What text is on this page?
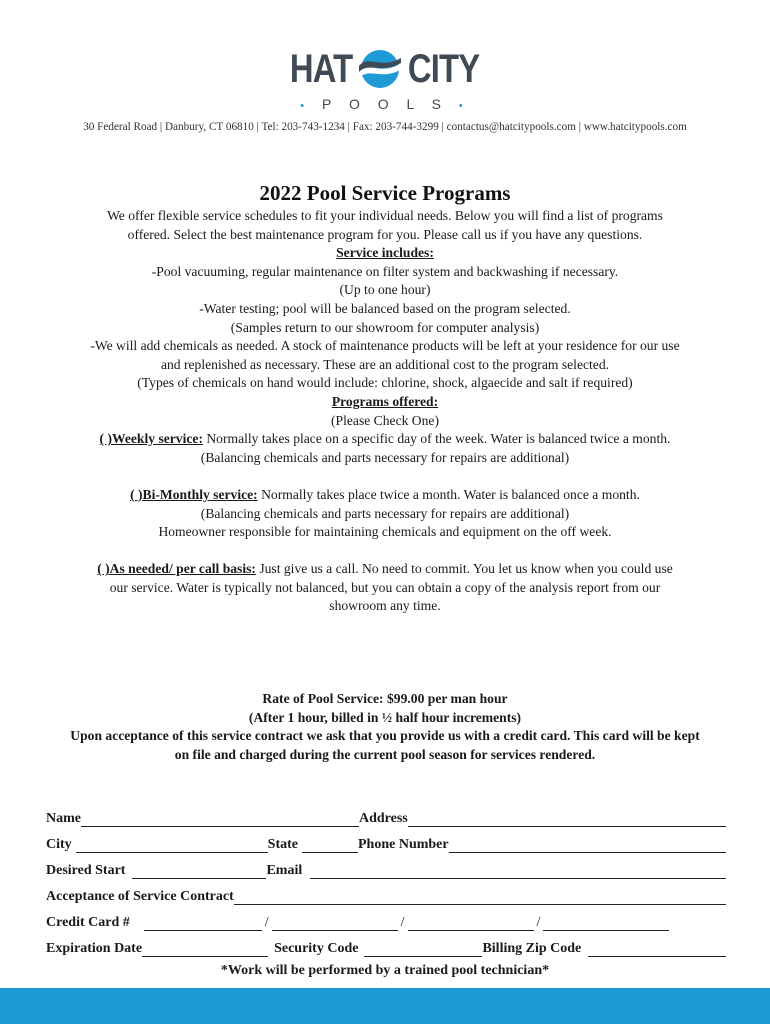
HAT CITY
• P O O L S •
30 Federal Road | Danbury, CT 06810 | Tel: 203-743-1234 | Fax: 203-744-3299 | contactus@hatcitypools.com | www.hatcitypools.com
2022 Pool Service Programs

We offer flexible service schedules to fit your individual needs. Below you will find a list of programs offered. Select the best maintenance program for you. Please call us if you have any questions.

Service includes:

-Pool vacuuming, regular maintenance on filter system and backwashing if necessary.

(Up to one hour)

-Water testing; pool will be balanced based on the program selected.

(Samples return to our showroom for computer analysis)

-We will add chemicals as needed. A stock of maintenance products will be left at your residence for our use and replenished as necessary. These are an additional cost to the program selected.

(Types of chemicals on hand would include: chlorine, shock, algaecide and salt if required)

Programs offered:

(Please Check One)

( )Weekly service: Normally takes place on a specific day of the week. Water is balanced twice a month.

(Balancing chemicals and parts necessary for repairs are additional)

( )Bi-Monthly service: Normally takes place twice a month. Water is balanced once a month.

(Balancing chemicals and parts necessary for repairs are additional)

Homeowner responsible for maintaining chemicals and equipment on the off week.

( )As needed/ per call basis: Just give us a call. No need to commit. You let us know when you could use our service. Water is typically not balanced, but you can obtain a copy of the analysis report from our showroom any time.

Rate of Pool Service: $99.00 per man hour

(After 1 hour, billed in ½ half hour increments)

Upon acceptance of this service contract we ask that you provide us with a credit card. This card will be kept on file and charged during the current pool season for services rendered.

Name	Address
City	State	Phone Number
Desired Start	Email
Acceptance of Service Contract
Credit Card #	/	/	/
Expiration Date	Security Code	Billing Zip Code
*Work will be performed by a trained pool technician*
